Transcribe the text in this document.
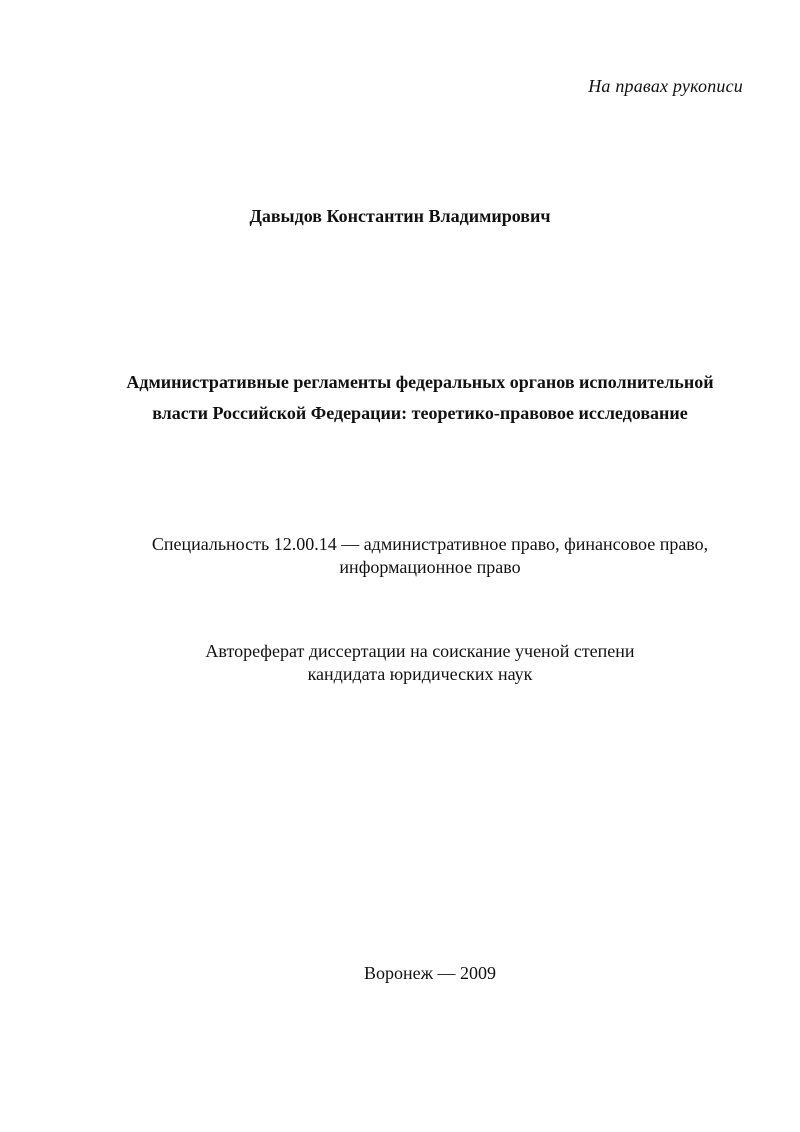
На правах рукописи
Давыдов Константин Владимирович
Административные регламенты федеральных органов исполнительной
власти Российской Федерации: теоретико-правовое исследование
Специальность 12.00.14 — административное право, финансовое право,
информационное право
Автореферат диссертации на соискание ученой степени
кандидата юридических наук
Воронеж — 2009
